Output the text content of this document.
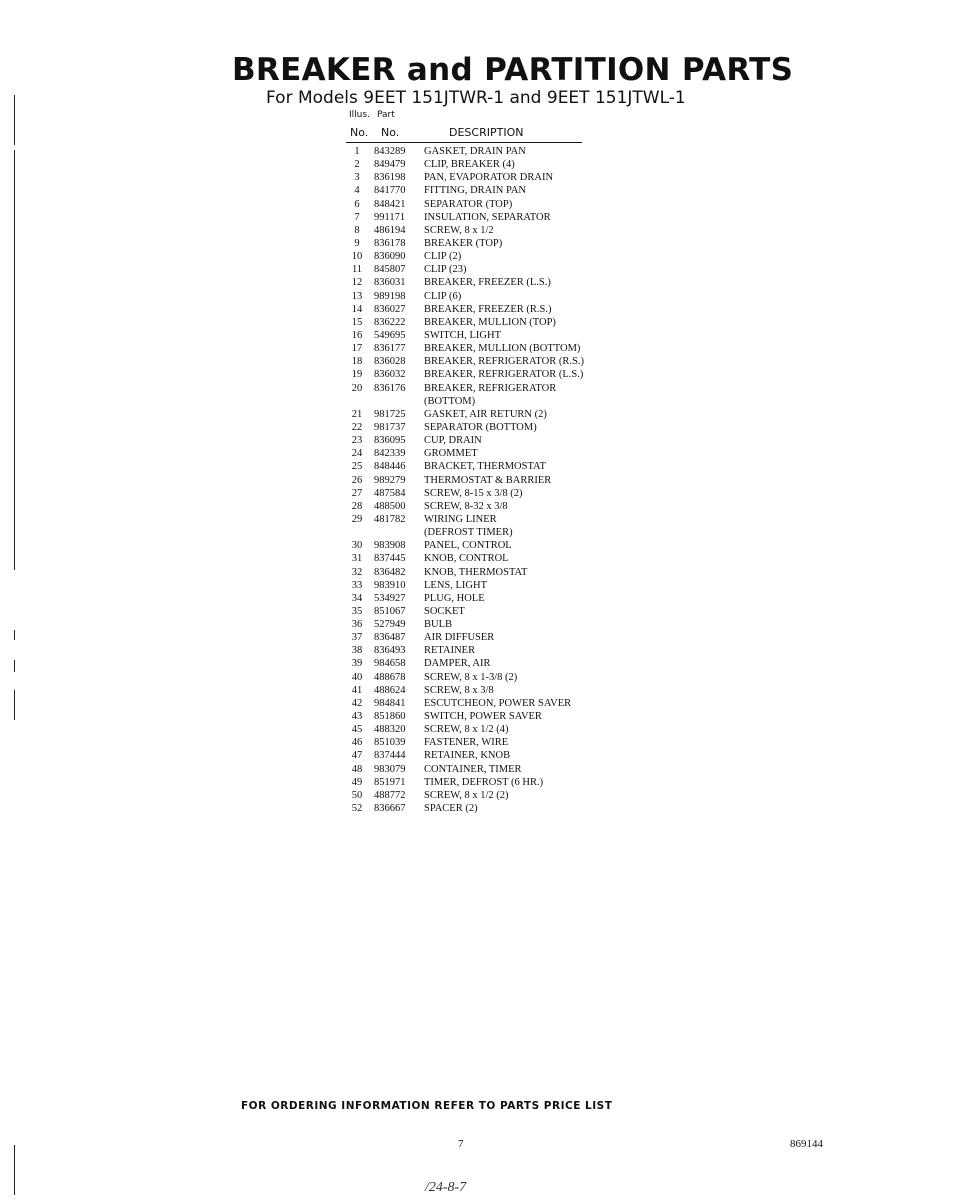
BREAKER and PARTITION PARTS
For Models 9EET 151JTWR-1 and 9EET 151JTWL-1
Illus. Part
No. No.	DESCRIPTION
1	843289 GASKET, DRAIN PAN
2	849479 CLIP, BREAKER (4)
3	836198 PAN, EVAPORATOR DRAIN
4	841770 FITTING, DRAIN PAN
6	848421 SEPARATOR (TOP)
7	991171 INSULATION, SEPARATOR
8	486194 SCREW, 8 x 1/2
9	836178 BREAKER (TOP)
10	836090 CLIP (2)
11	845807 CLIP (23)
12	836031 BREAKER, FREEZER (L.S.)
13	989198 CLIP (6)
14	836027 BREAKER, FREEZER (R.S.)
15	836222 BREAKER, MULLION (TOP)
16	549695 SWITCH, LIGHT
17	836177 BREAKER, MULLION (BOTTOM)
18	836028 BREAKER, REFRIGERATOR (R.S.)
19	836032 BREAKER, REFRIGERATOR (L.S.)
20	836176 BREAKER, REFRIGERATOR
(BOTTOM)
21	981725 GASKET, AIR RETURN (2)
22	981737 SEPARATOR (BOTTOM)
23	836095 CUP, DRAIN
24	842339 GROMMET
25	848446 BRACKET, THERMOSTAT
26	989279 THERMOSTAT & BARRIER
27	487584 SCREW, 8-15 x 3/8 (2)
28	488500 SCREW, 8-32 x 3/8
29	481782 WIRING LINER
(DEFROST TIMER)
30	983908 PANEL, CONTROL
31	837445 KNOB, CONTROL
32	836482 KNOB, THERMOSTAT
33	983910 LENS, LIGHT
34	534927 PLUG, HOLE
35	851067 SOCKET
36	527949 BULB
37	836487 AIR DIFFUSER
38	836493 RETAINER
39	984658 DAMPER, AIR
40	488678 SCREW, 8 x 1-3/8 (2)
41	488624 SCREW, 8 x 3/8
42	984841 ESCUTCHEON, POWER SAVER
43	851860 SWITCH, POWER SAVER
45	488320 SCREW, 8 x 1/2 (4)
46	851039 FASTENER, WIRE
47	837444 RETAINER, KNOB
48	983079 CONTAINER, TIMER
49	851971 TIMER, DEFROST (6 HR.)
50	488772 SCREW, 8 x 1/2 (2)
52	836667 SPACER (2)
FOR ORDERING INFORMATION REFER TO PARTS PRICE LIST
7	869144
/24-8-7
